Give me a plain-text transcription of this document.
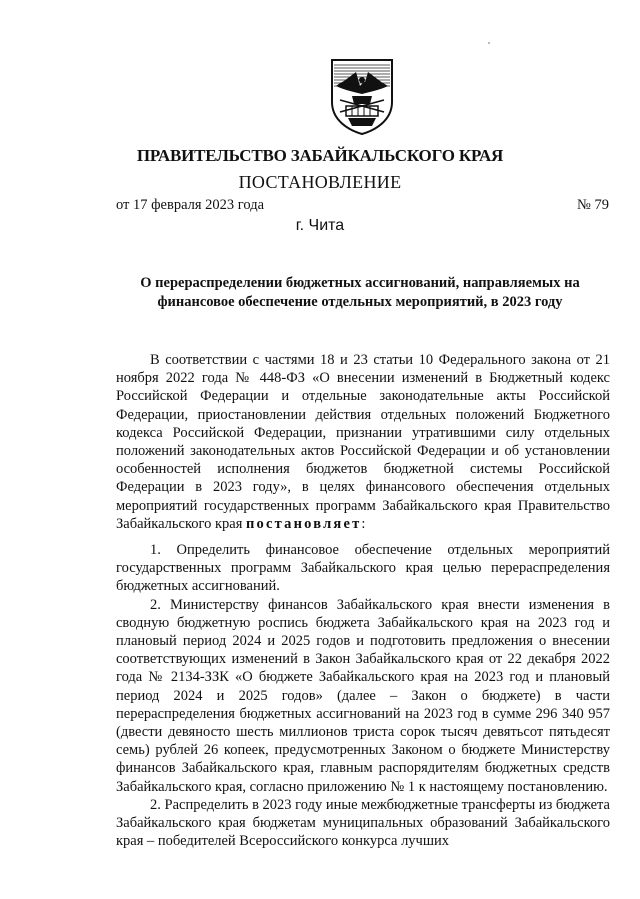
ПРАВИТЕЛЬСТВО ЗАБАЙКАЛЬСКОГО КРАЯ
ПОСТАНОВЛЕНИЕ
от 17 февраля 2023 года	№ 79
г. Чита
О перераспределении бюджетных ассигнований, направляемых на финансовое обеспечение отдельных мероприятий, в 2023 году

В соответствии с частями 18 и 23 статьи 10 Федерального закона от 21 ноября 2022 года № 448-ФЗ «О внесении изменений в Бюджетный кодекс Российской Федерации и отдельные законодательные акты Российской Федерации, приостановлении действия отдельных положений Бюджетного кодекса Российской Федерации, признании утратившими силу отдельных положений законодательных актов Российской Федерации и об установлении особенностей исполнения бюджетов бюджетной системы Российской Федерации в 2023 году», в целях финансового обеспечения отдельных мероприятий государственных программ Забайкальского края Правительство Забайкальского края постановляет:

1. Определить финансовое обеспечение отдельных мероприятий государственных программ Забайкальского края целью перераспределения бюджетных ассигнований.

2. Министерству финансов Забайкальского края внести изменения в сводную бюджетную роспись бюджета Забайкальского края на 2023 год и плановый период 2024 и 2025 годов и подготовить предложения о внесении соответствующих изменений в Закон Забайкальского края от 22 декабря 2022 года № 2134-ЗЗК «О бюджете Забайкальского края на 2023 год и плановый период 2024 и 2025 годов» (далее – Закон о бюджете) в части перераспределения бюджетных ассигнований на 2023 год в сумме 296 340 957 (двести девяносто шесть миллионов триста сорок тысяч девятьсот пятьдесят семь) рублей 26 копеек, предусмотренных Законом о бюджете Министерству финансов Забайкальского края, главным распорядителям бюджетных средств Забайкальского края, согласно приложению № 1 к настоящему постановлению.

2. Распределить в 2023 году иные межбюджетные трансферты из бюджета Забайкальского края бюджетам муниципальных образований Забайкальского края – победителей Всероссийского конкурса лучших
